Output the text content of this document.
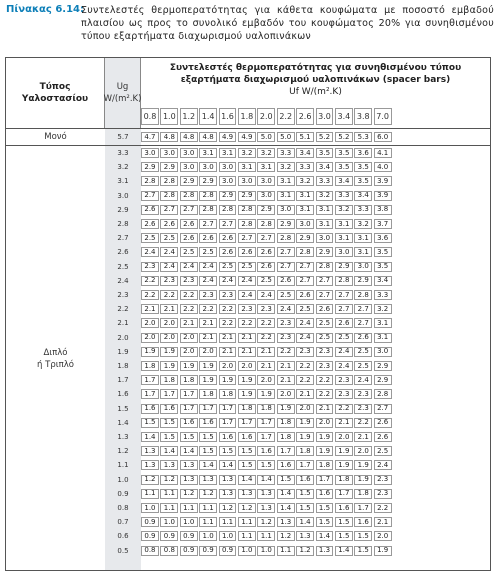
Πίνακας 6.14:
Συντελεστές θερμοπερατότητας για κάθετα κουφώματα με ποσοστό εμβαδού πλαισίου ως προς το συνολικό εμβαδόν του κουφώματος 20% για συνηθισμένου τύπου εξαρτήματα διαχωρισμού υαλοπινάκων
Τύπος
Υαλοστασίου
Ug
W/(m².K)
Συντελεστές θερμοπερατότητας για συνηθισμένου τύπου
εξαρτήματα διαχωρισμού υαλοπινάκων (spacer bars)
Uf W/(m².K)
0.8 1.0 1.2 1.4 1.6 1.8 2.0 2.2 2.6 3.0 3.4 3.8 7.0
Μονό	5.7	4.7	4.8	4.8	4.8	4.9	4.9	5.0	5.0	5.1	5.2	5.2	5.3	6.0
3.3	3.0	3.0	3.0	3.1	3.1	3.2	3.2	3.3	3.4	3.5	3.5	3.6	4.1
3.2	2.9	2.9	3.0	3.0	3.0	3.1	3.1	3.2	3.3	3.4	3.5	3.5	4.0
3.1	2.8	2.8	2.9	2.9	3.0	3.0	3.0	3.1	3.2	3.3	3.4	3.5	3.9
3.0	2.7	2.8	2.8	2.8	2.9	2.9	3.0	3.1	3.1	3.2	3.3	3.4	3.9
2.9	2.6	2.7	2.7	2.8	2.8	2.8	2.9	3.0	3.1	3.1	3.2	3.3	3.8
2.8	2.6	2.6	2.6	2.7	2.7	2.8	2.8	2.9	3.0	3.1	3.1	3.2	3.7
2.7	2.5	2.5	2.6	2.6	2.6	2.7	2.7	2.8	2.9	3.0	3.1	3.1	3.6
2.6	2.4	2.4	2.5	2.5	2.6	2.6	2.6	2.7	2.8	2.9	3.0	3.1	3.5
2.5	2.3	2.4	2.4	2.4	2.5	2.5	2.6	2.7	2.7	2.8	2.9	3.0	3.5
2.4	2.2	2.3	2.3	2.4	2.4	2.4	2.5	2.6	2.7	2.7	2.8	2.9	3.4
2.3	2.2	2.2	2.2	2.3	2.3	2.4	2.4	2.5	2.6	2.7	2.7	2.8	3.3
2.2	2.1	2.1	2.2	2.2	2.2	2.3	2.3	2.4	2.5	2.6	2.7	2.7	3.2
2.1	2.0	2.0	2.1	2.1	2.2	2.2	2.2	2.3	2.4	2.5	2.6	2.7	3.1
2.0	2.0	2.0	2.0	2.1	2.1	2.1	2.2	2.3	2.4	2.5	2.5	2.6	3.1
1.9	1.9	1.9	2.0	2.0	2.1	2.1	2.1	2.2	2.3	2.3	2.4	2.5	3.0
1.8	1.8	1.9	1.9	1.9	2.0	2.0	2.1	2.1	2.2	2.3	2.4	2.5	2.9
1.7	1.7	1.8	1.8	1.9	1.9	1.9	2.0	2.1	2.2	2.2	2.3	2.4	2.9
1.6	1.7	1.7	1.7	1.8	1.8	1.9	1.9	2.0	2.1	2.2	2.3	2.3	2.8
1.5	1.6	1.6	1.7	1.7	1.7	1.8	1.8	1.9	2.0	2.1	2.2	2.3	2.7
1.4	1.5	1.5	1.6	1.6	1.7	1.7	1.7	1.8	1.9	2.0	2.1	2.2	2.6
1.3	1.4	1.5	1.5	1.5	1.6	1.6	1.7	1.8	1.9	1.9	2.0	2.1	2.6
1.2	1.3	1.4	1.4	1.5	1.5	1.5	1.6	1.7	1.8	1.9	1.9	2.0	2.5
1.1	1.3	1.3	1.3	1.4	1.4	1.5	1.5	1.6	1.7	1.8	1.9	1.9	2.4
1.0	1.2	1.2	1.3	1.3	1.3	1.4	1.4	1.5	1.6	1.7	1.8	1.9	2.3
0.9	1.1	1.1	1.2	1.2	1.3	1.3	1.3	1.4	1.5	1.6	1.7	1.8	2.3
0.8	1.0	1.1	1.1	1.1	1.2	1.2	1.3	1.4	1.5	1.5	1.6	1.7	2.2
0.7	0.9	1.0	1.0	1.1	1.1	1.1	1.2	1.3	1.4	1.5	1.5	1.6	2.1
0.6	0.9	0.9	0.9	1.0	1.0	1.1	1.1	1.2	1.3	1.4	1.5	1.5	2.0
0.5	0.8	0.8	0.9	0.9	0.9	1.0	1.0	1.1	1.2	1.3	1.4	1.5	1.9
Διπλό
ή Τριπλό
